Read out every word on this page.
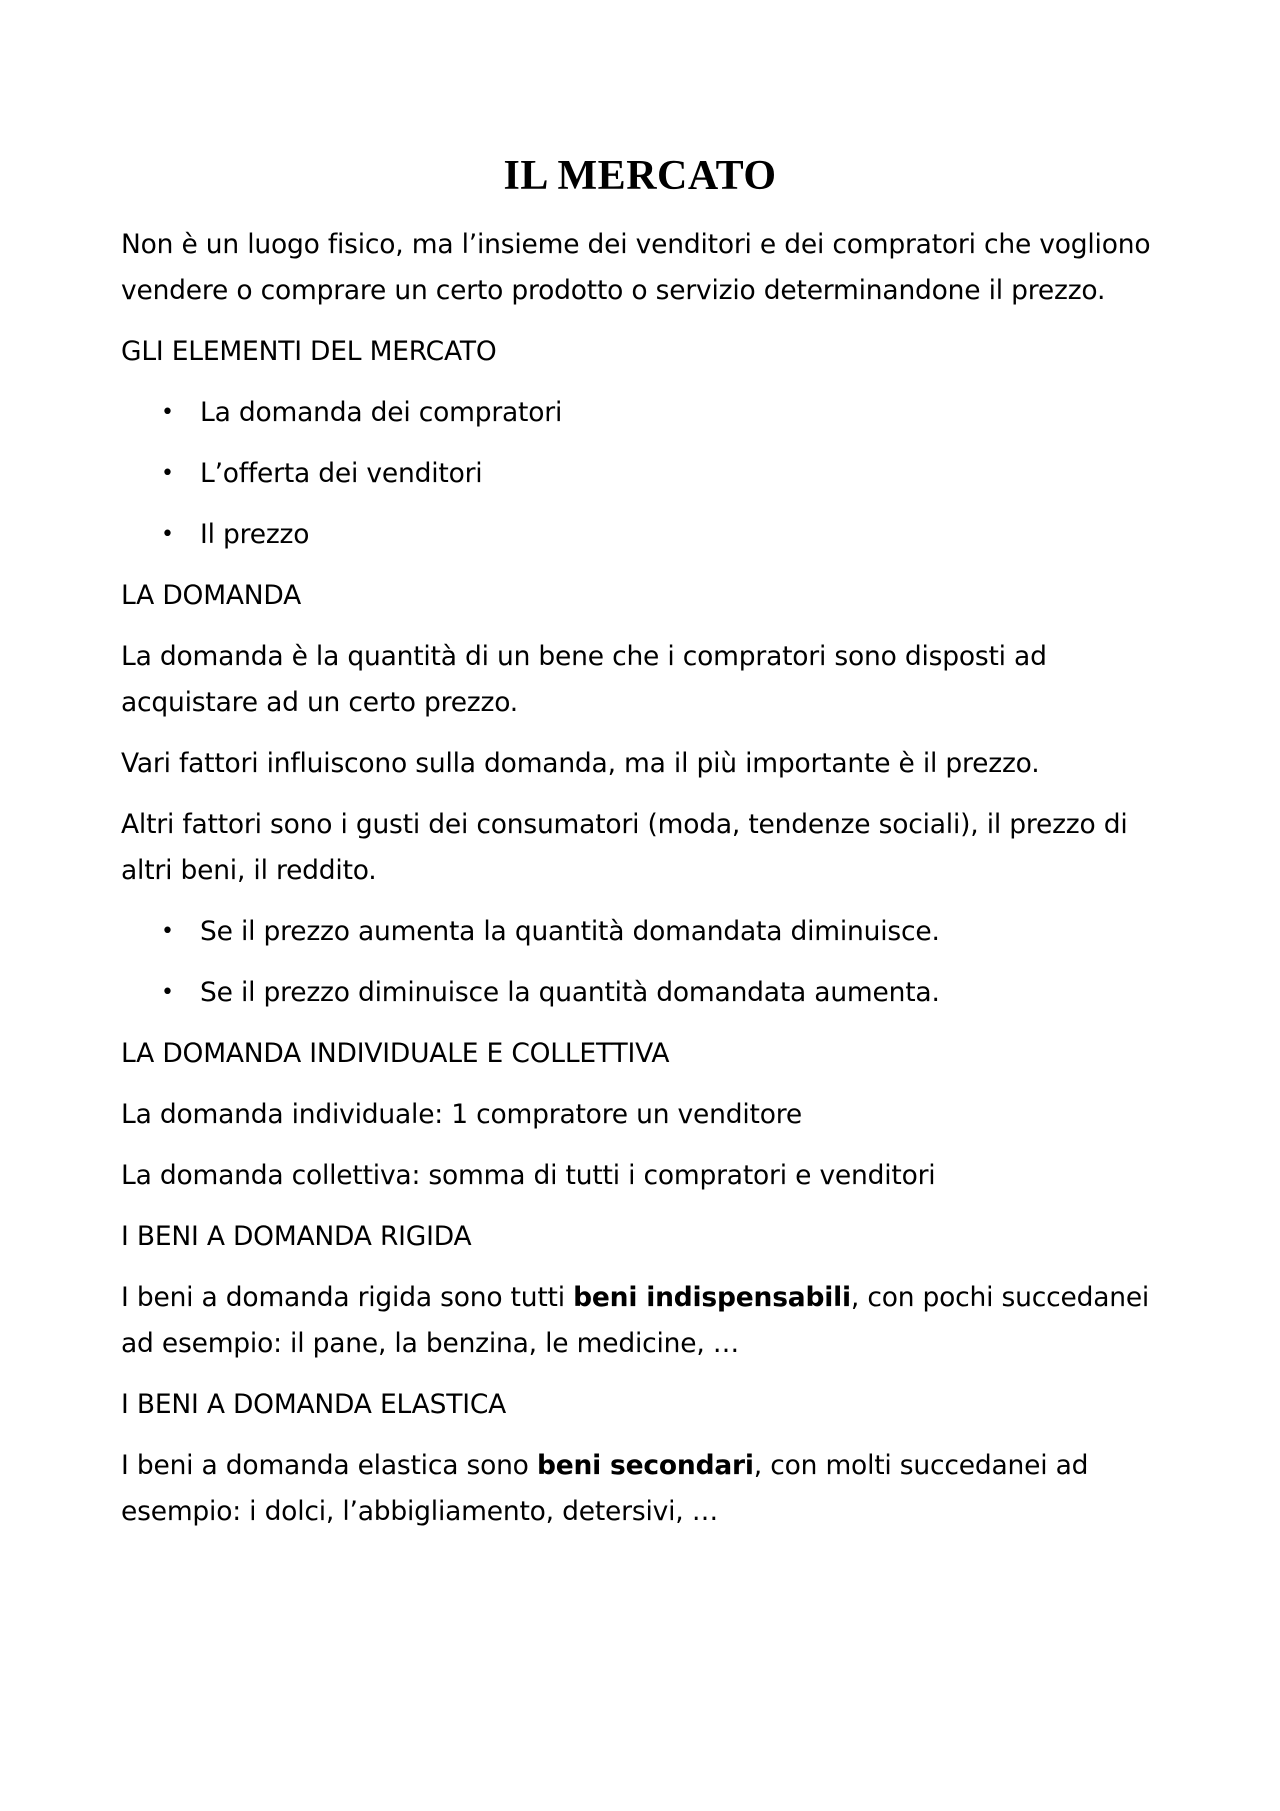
IL MERCATO

Non è un luogo fisico, ma l’insieme dei venditori e dei compratori che vogliono vendere o comprare un certo prodotto o servizio determinandone il prezzo.

GLI ELEMENTI DEL MERCATO
• La domanda dei compratori
• L’offerta dei venditori
• Il prezzo
LA DOMANDA

La domanda è la quantità di un bene che i compratori sono disposti ad acquistare ad un certo prezzo.

Vari fattori influiscono sulla domanda, ma il più importante è il prezzo.

Altri fattori sono i gusti dei consumatori (moda, tendenze sociali), il prezzo di altri beni, il reddito.

• Se il prezzo aumenta la quantità domandata diminuisce.
• Se il prezzo diminuisce la quantità domandata aumenta.
LA DOMANDA INDIVIDUALE E COLLETTIVA

La domanda individuale: 1 compratore un venditore

La domanda collettiva: somma di tutti i compratori e venditori

I BENI A DOMANDA RIGIDA

I beni a domanda rigida sono tutti beni indispensabili, con pochi succedanei ad esempio: il pane, la benzina, le medicine, …

I BENI A DOMANDA ELASTICA

I beni a domanda elastica sono beni secondari, con molti succedanei ad esempio: i dolci, l’abbigliamento, detersivi, …
